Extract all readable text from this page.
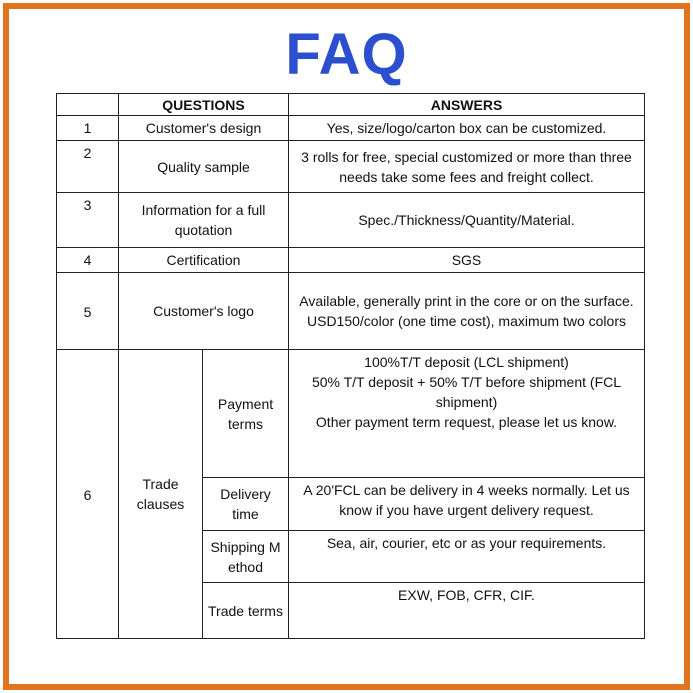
FAQ
	QUESTIONS		ANSWERS
1	Customer's design		Yes, size/logo/carton box can be customized.
2	Quality sample		3 rolls for free, special customized or more than three needs take some fees and freight collect.
3	Information for a full quotation		Spec./Thickness/Quantity/Material.
4	Certification		SGS
5	Customer's logo		Available, generally print in the core or on the surface.
USD150/color (one time cost), maximum two colors

6	Trade clauses	Payment terms	100%T/T deposit (LCL shipment)
50% T/T deposit + 50% T/T before shipment (FCL shipment)
Other payment term request, please let us know.

		Delivery time	A 20'FCL can be delivery in 4 weeks normally. Let us know if you have urgent delivery request.
		Shipping M ethod	Sea, air, courier, etc or as your requirements.
		Trade terms	EXW, FOB, CFR, CIF.
